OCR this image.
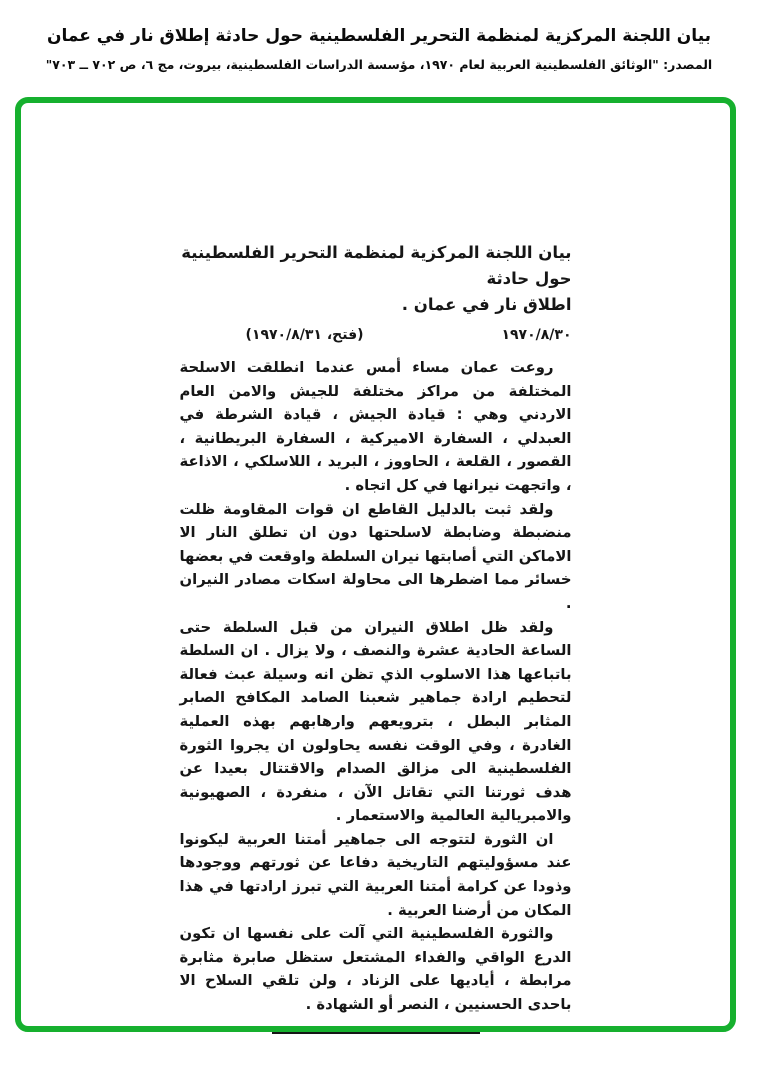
بيان اللجنة المركزية لمنظمة التحرير الفلسطينية حول حادثة إطلاق نار في عمان
المصدر: "الوثائق الفلسطينية العربية لعام ١٩٧٠، مؤسسة الدراسات الفلسطينية، بيروت، مج ٦، ص ٧٠٢ ــ ٧٠٣"
بيان اللجنة المركزية لمنظمة التحرير الفلسطينية حول حادثة
اطلاق نار في عمان .
(فتح، ١٩٧٠/٨/٣١)	١٩٧٠/٨/٣٠

روعت عمان مساء أمس عندما انطلقت الاسلحة المختلفة من مراكز مختلفة للجيش والامن العام الاردني وهي : قيادة الجيش ، قيادة الشرطة في العبدلي ، السفارة الاميركية ، السفارة البريطانية ، القصور ، القلعة ، الحاووز ، البريد ، اللاسلكي ، الاذاعة ، واتجهت نيرانها في كل اتجاه .

ولقد ثبت بالدليل القاطع ان قوات المقاومة ظلت منضبطة وضابطة لاسلحتها دون ان تطلق النار الا الاماكن التي أصابتها نيران السلطة واوقعت في بعضها خسائر مما اضطرها الى محاولة اسكات مصادر النيران .

ولقد ظل اطلاق النيران من قبل السلطة حتى الساعة الحادية عشرة والنصف ، ولا يزال . ان السلطة باتباعها هذا الاسلوب الذي تظن انه وسيلة عبث فعالة لتحطيم ارادة جماهير شعبنا الصامد المكافح الصابر المثابر البطل ، بترويعهم وارهابهم بهذه العملية الغادرة ، وفي الوقت نفسه يحاولون ان يجروا الثورة الفلسطينية الى مزالق الصدام والاقتتال بعيدا عن هدف ثورتنا التي تقاتل الآن ، منفردة ، الصهيونية والامبريالية العالمية والاستعمار .

ان الثورة لتتوجه الى جماهير أمتنا العربية ليكونوا عند مسؤوليتهم التاريخية دفاعا عن ثورتهم ووجودها وذودا عن كرامة أمتنا العربية التي تبرز ارادتها في هذا المكان من أرضنا العربية .

والثورة الفلسطينية التي آلت على نفسها ان تكون الدرع الواقي والفداء المشتعل ستظل صابرة مثابرة مرابطة ، أياديها على الزناد ، ولن تلقي السلاح الا باحدى الحسنيين ، النصر أو الشهادة .
